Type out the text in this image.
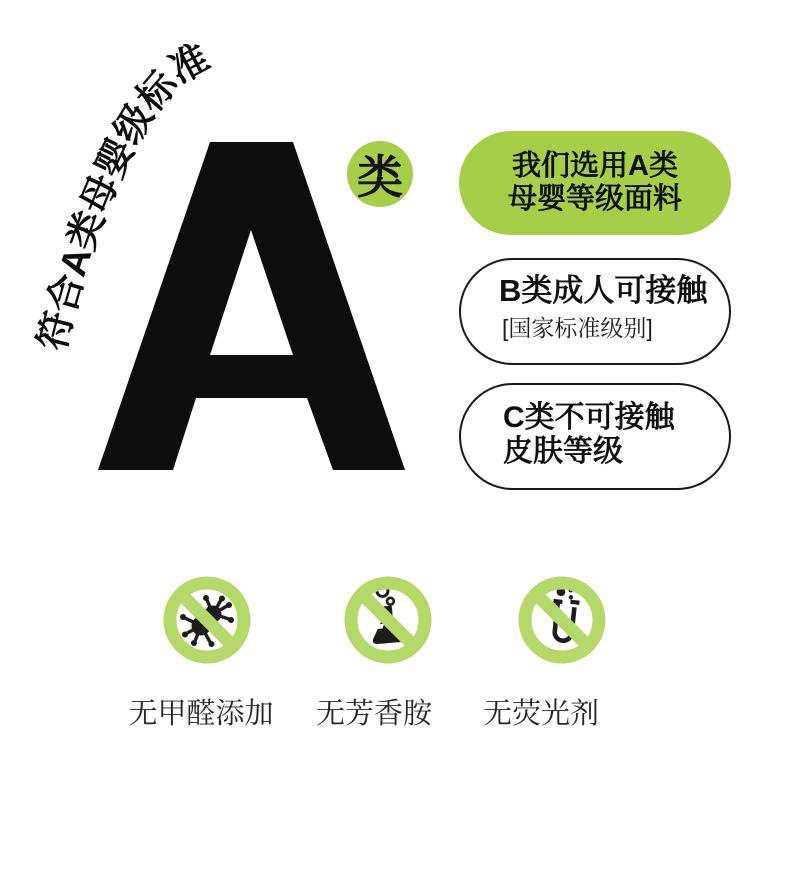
符合A类母婴级标准
类	我们选用A类
母婴等级面料
B类成人可接触
[国家标准级别]
C类不可接触
皮肤等级
无甲醛添加	无芳香胺	无荧光剂
